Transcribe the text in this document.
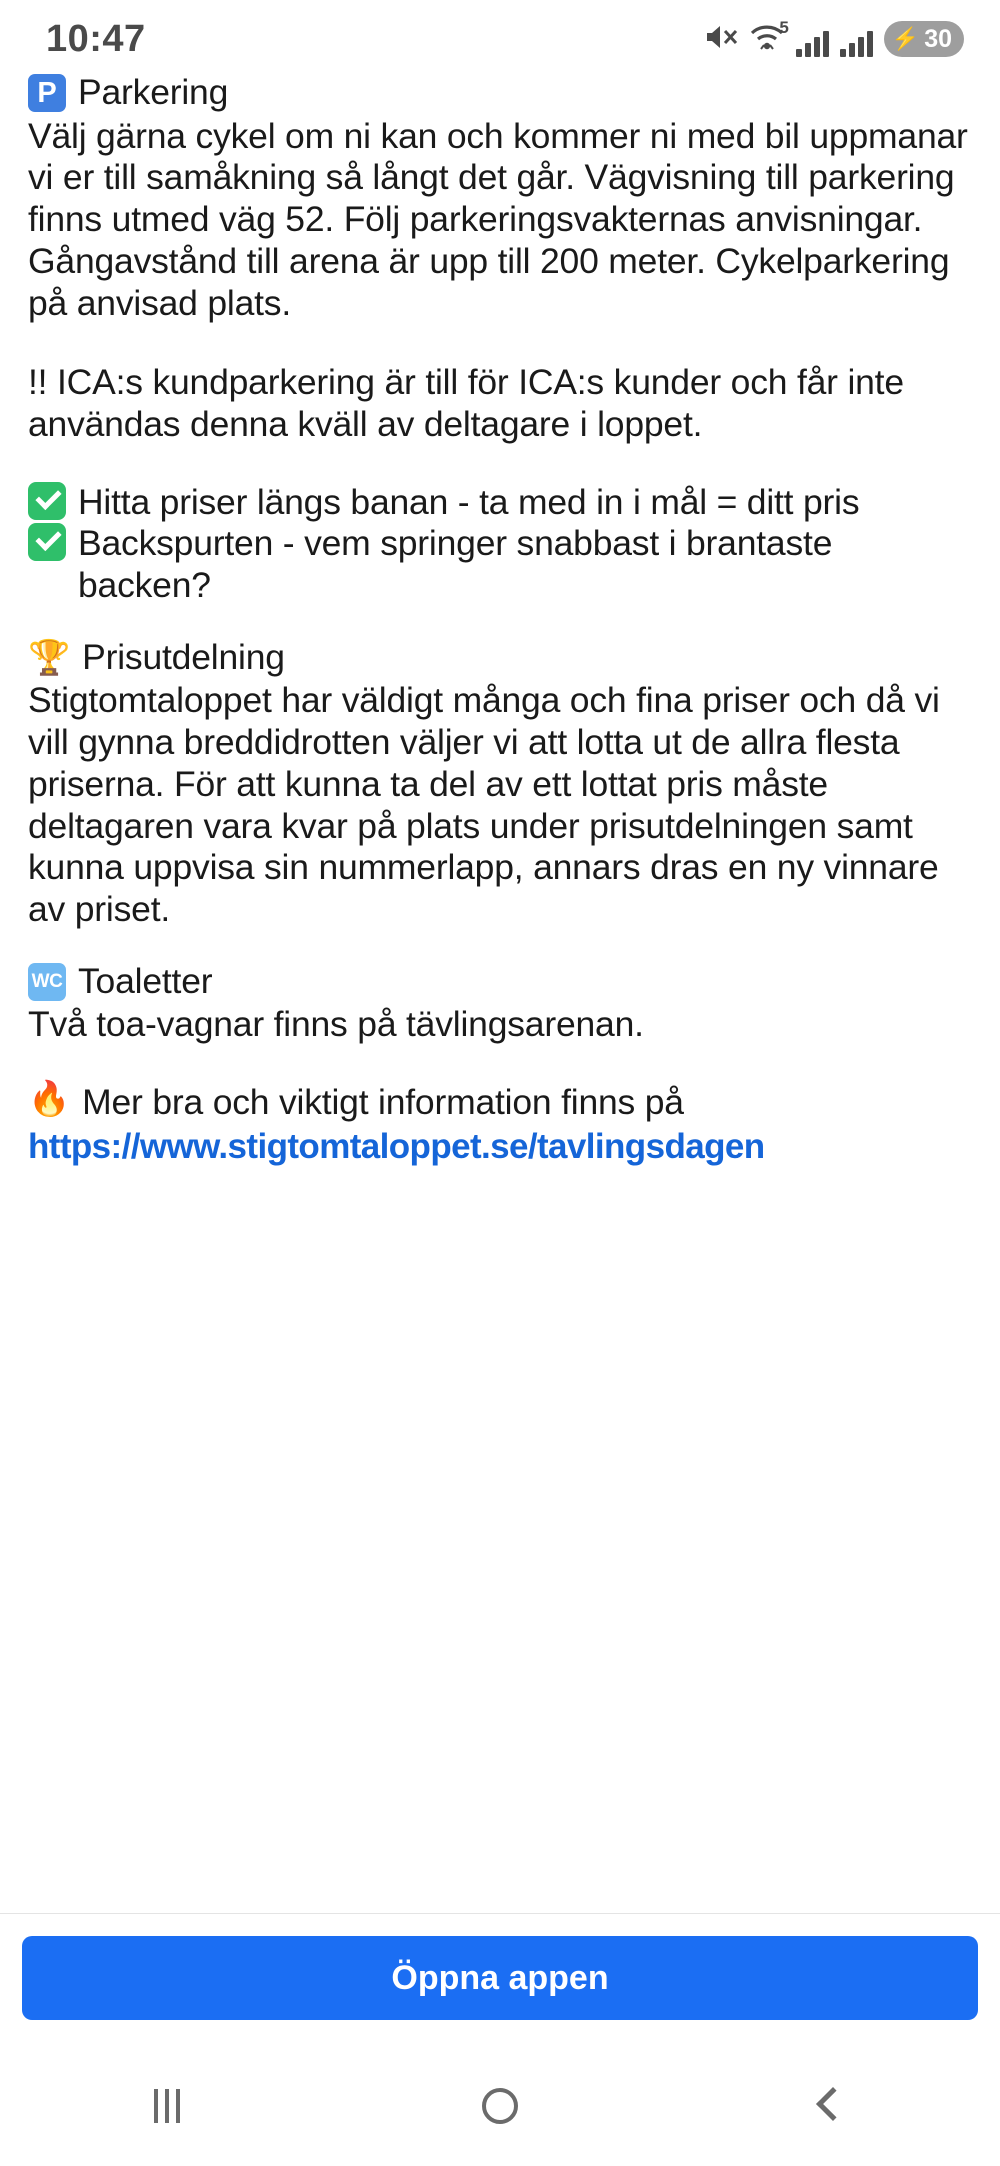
10:47	5	⚡ 30
P Parkering
Välj gärna cykel om ni kan och kommer ni med bil uppmanar vi er till samåkning så långt det går. Vägvisning till parkering finns utmed väg 52. Följ parkeringsvakternas anvisningar. Gångavstånd till arena är upp till 200 meter. Cykelparkering på anvisad plats.
!! ICA:s kundparkering är till för ICA:s kunder och får inte användas denna kväll av deltagare i loppet.
Hitta priser längs banan - ta med in i mål = ditt pris
Backspurten - vem springer snabbast i brantaste backen?
🏆 Prisutdelning
Stigtomtaloppet har väldigt många och fina priser och då vi vill gynna breddidrotten väljer vi att lotta ut de allra flesta priserna. För att kunna ta del av ett lottat pris måste deltagaren vara kvar på plats under prisutdelningen samt kunna uppvisa sin nummerlapp, annars dras en ny vinnare av priset.
WC Toaletter
Två toa-vagnar finns på tävlingsarenan.
🔥 Mer bra och viktigt information finns på
https://www.stigtomtaloppet.se/tavlingsdagen
Öppna appen
